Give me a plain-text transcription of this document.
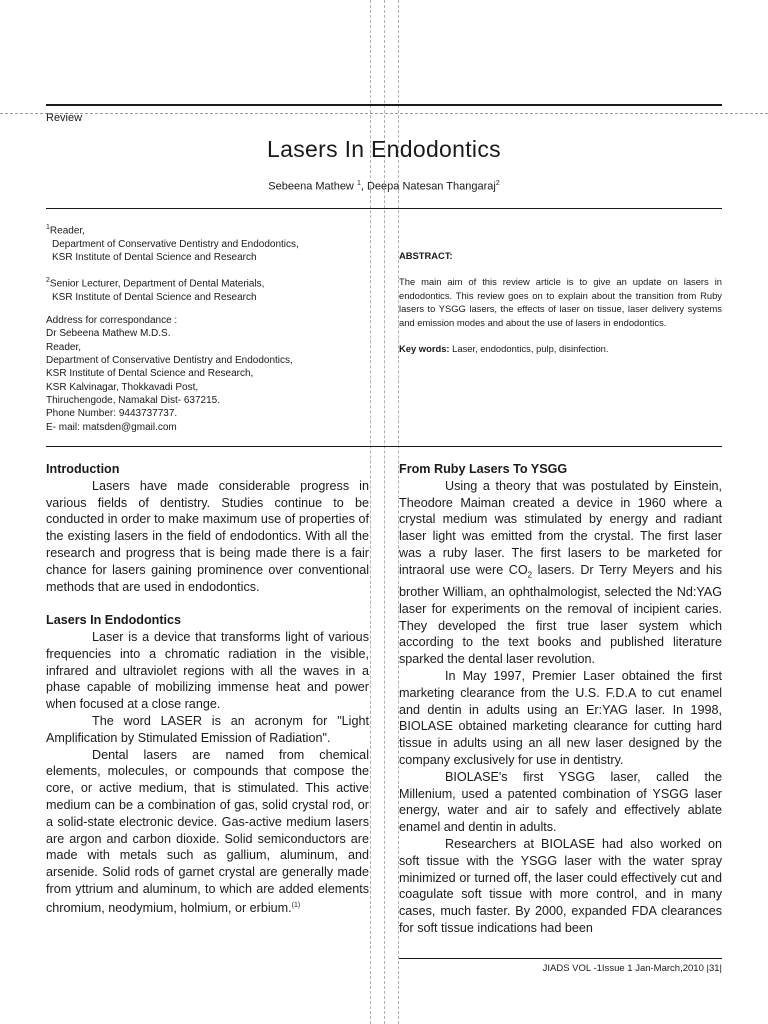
Review
Lasers In Endodontics
Sebeena Mathew $^1$, Deepa Natesan Thangaraj$^2$

$^1$Reader,

Department of Conservative Dentistry and Endodontics,

KSR Institute of Dental Science and Research

$^2$Senior Lecturer, Department of Dental Materials,

KSR Institute of Dental Science and Research

Address for correspondance :

Dr Sebeena Mathew M.D.S.

Reader,

Department of Conservative Dentistry and Endodontics,

KSR Institute of Dental Science and Research,

KSR Kalvinagar, Thokkavadi Post,

Thiruchengode, Namakal Dist- 637215.

Phone Number: 9443737737.

E- mail: matsden@gmail.com

ABSTRACT:

The main aim of this review article is to give an update on lasers in endodontics. This review goes on to explain about the transition from Ruby lasers to YSGG lasers, the effects of laser on tissue, laser delivery systems and emission modes and about the use of lasers in endodontics.

Key words: Laser, endodontics, pulp, disinfection.

Introduction

Lasers have made considerable progress in various fields of dentistry. Studies continue to be conducted in order to make maximum use of properties of the existing lasers in the field of endodontics. With all the research and progress that is being made there is a fair chance for lasers gaining prominence over conventional methods that are used in endodontics.

Lasers In Endodontics

Laser is a device that transforms light of various frequencies into a chromatic radiation in the visible, infrared and ultraviolet regions with all the waves in a phase capable of mobilizing immense heat and power when focused at a close range.

The word LASER is an acronym for "Light Amplification by Stimulated Emission of Radiation".

Dental lasers are named from chemical elements, molecules, or compounds that compose the core, or active medium, that is stimulated. This active medium can be a combination of gas, solid crystal rod, or a solid-state electronic device. Gas-active medium lasers are argon and carbon dioxide. Solid semiconductors are made with metals such as gallium, aluminum, and arsenide. Solid rods of garnet crystal are generally made from yttrium and aluminum, to which are added elements chromium, neodymium, holmium, or erbium.$^{(1)}$

From Ruby Lasers To YSGG

Using a theory that was postulated by Einstein, Theodore Maiman created a device in 1960 where a crystal medium was stimulated by energy and radiant laser light was emitted from the crystal. The first laser was a ruby laser. The first lasers to be marketed for intraoral use were $CO_2$ lasers. Dr Terry Meyers and his brother William, an ophthalmologist, selected the Nd:YAG laser for experiments on the removal of incipient caries. They developed the first true laser system which according to the text books and published literature sparked the dental laser revolution.

In May 1997, Premier Laser obtained the first marketing clearance from the U.S. F.D.A to cut enamel and dentin in adults using an Er:YAG laser. In 1998, BIOLASE obtained marketing clearance for cutting hard tissue in adults using an all new laser designed by the company exclusively for use in dentistry.

BIOLASE's first YSGG laser, called the Millenium, used a patented combination of YSGG laser energy, water and air to safely and effectively ablate enamel and dentin in adults.

Researchers at BIOLASE had also worked on soft tissue with the YSGG laser with the water spray minimized or turned off, the laser could effectively cut and coagulate soft tissue with more control, and in many cases, much faster. By 2000, expanded FDA clearances for soft tissue indications had been

JIADS VOL -1Issue 1 Jan-March,2010 |31|
